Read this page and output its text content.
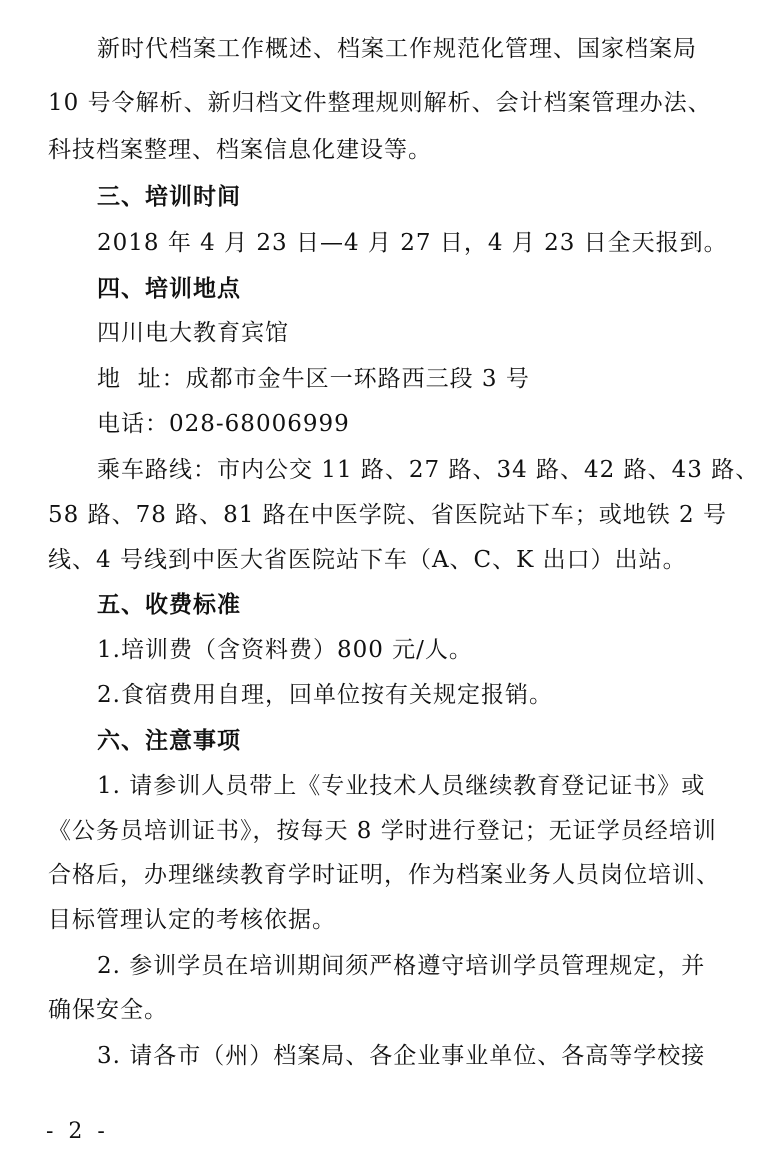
新时代档案工作概述、档案工作规范化管理、国家档案局
10 号令解析、新归档文件整理规则解析、会计档案管理办法、
科技档案整理、档案信息化建设等。
三、培训时间
2018 年 4 月 23 日—4 月 27 日，4 月 23 日全天报到。
四、培训地点
四川电大教育宾馆
地  址：成都市金牛区一环路西三段 3 号
电话：028-68006999
乘车路线：市内公交 11 路、27 路、34 路、42 路、43 路、
58 路、78 路、81 路在中医学院、省医院站下车；或地铁 2 号
线、4 号线到中医大省医院站下车（A、C、K 出口）出站。
五、收费标准
1.培训费（含资料费）800 元/人。
2.食宿费用自理，回单位按有关规定报销。
六、注意事项
1. 请参训人员带上《专业技术人员继续教育登记证书》或
《公务员培训证书》，按每天 8 学时进行登记；无证学员经培训
合格后，办理继续教育学时证明，作为档案业务人员岗位培训、
目标管理认定的考核依据。
2. 参训学员在培训期间须严格遵守培训学员管理规定，并
确保安全。
3. 请各市（州）档案局、各企业事业单位、各高等学校接
- 2 -
